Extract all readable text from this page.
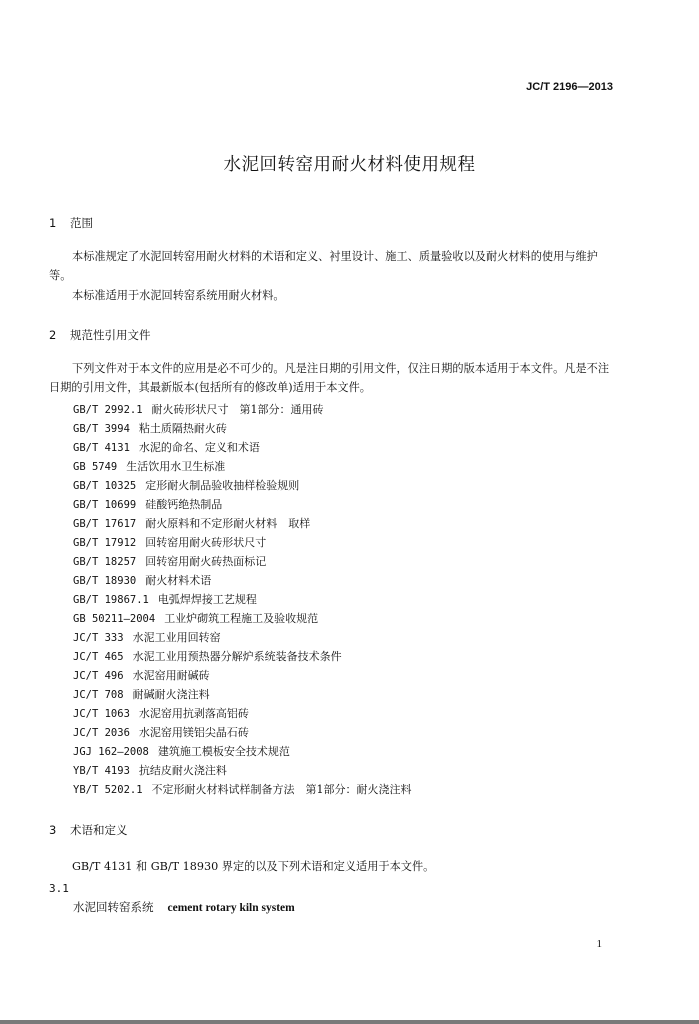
JC/T 2196—2013
水泥回转窑用耐火材料使用规程
1 范围
本标准规定了水泥回转窑用耐火材料的术语和定义、衬里设计、施工、质量验收以及耐火材料的使用与维护等。
本标准适用于水泥回转窑系统用耐火材料。
2 规范性引用文件
下列文件对于本文件的应用是必不可少的。凡是注日期的引用文件，仅注日期的版本适用于本文件。凡是不注日期的引用文件，其最新版本(包括所有的修改单)适用于本文件。
GB/T 2992.1 耐火砖形状尺寸　第1部分：通用砖
GB/T 3994 粘土质隔热耐火砖
GB/T 4131 水泥的命名、定义和术语
GB 5749 生活饮用水卫生标准
GB/T 10325 定形耐火制品验收抽样检验规则
GB/T 10699 硅酸钙绝热制品
GB/T 17617 耐火原料和不定形耐火材料　取样
GB/T 17912 回转窑用耐火砖形状尺寸
GB/T 18257 回转窑用耐火砖热面标记
GB/T 18930 耐火材料术语
GB/T 19867.1 电弧焊焊接工艺规程
GB 50211—2004 工业炉砌筑工程施工及验收规范
JC/T 333 水泥工业用回转窑
JC/T 465 水泥工业用预热器分解炉系统装备技术条件
JC/T 496 水泥窑用耐碱砖
JC/T 708 耐碱耐火浇注料
JC/T 1063 水泥窑用抗剥落高铝砖
JC/T 2036 水泥窑用镁铝尖晶石砖
JGJ 162—2008 建筑施工模板安全技术规范
YB/T 4193 抗结皮耐火浇注料
YB/T 5202.1 不定形耐火材料试样制备方法　第1部分：耐火浇注料
3 术语和定义
GB/T 4131 和 GB/T 18930 界定的以及下列术语和定义适用于本文件。
3.1
水泥回转窑系统 cement rotary kiln system
1
